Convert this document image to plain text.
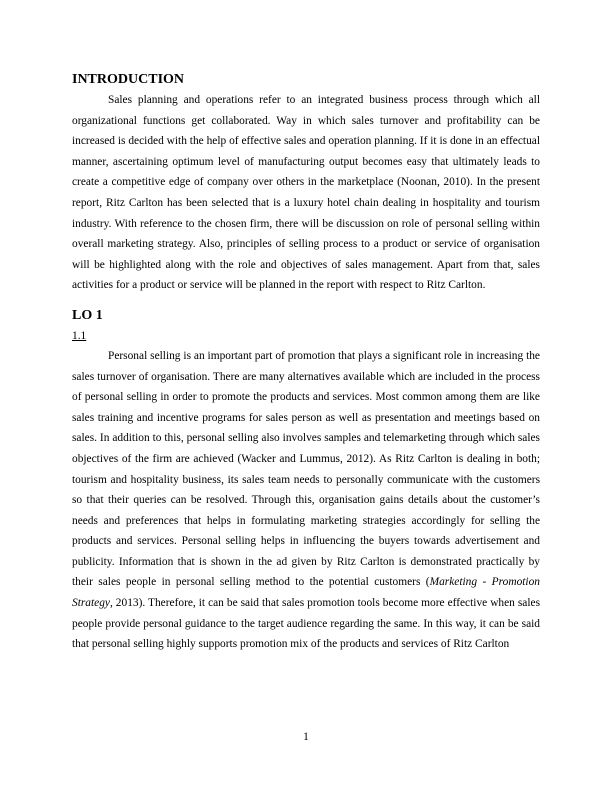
INTRODUCTION

Sales planning and operations refer to an integrated business process through which all organizational functions get collaborated. Way in which sales turnover and profitability can be increased is decided with the help of effective sales and operation planning. If it is done in an effectual manner, ascertaining optimum level of manufacturing output becomes easy that ultimately leads to create a competitive edge of company over others in the marketplace (Noonan, 2010). In the present report, Ritz Carlton has been selected that is a luxury hotel chain dealing in hospitality and tourism industry. With reference to the chosen firm, there will be discussion on role of personal selling within overall marketing strategy. Also, principles of selling process to a product or service of organisation will be highlighted along with the role and objectives of sales management. Apart from that, sales activities for a product or service will be planned in the report with respect to Ritz Carlton.

LO 1
1.1

Personal selling is an important part of promotion that plays a significant role in increasing the sales turnover of organisation. There are many alternatives available which are included in the process of personal selling in order to promote the products and services. Most common among them are like sales training and incentive programs for sales person as well as presentation and meetings based on sales. In addition to this, personal selling also involves samples and telemarketing through which sales objectives of the firm are achieved (Wacker and Lummus, 2012). As Ritz Carlton is dealing in both; tourism and hospitality business, its sales team needs to personally communicate with the customers so that their queries can be resolved. Through this, organisation gains details about the customer’s needs and preferences that helps in formulating marketing strategies accordingly for selling the products and services. Personal selling helps in influencing the buyers towards advertisement and publicity. Information that is shown in the ad given by Ritz Carlton is demonstrated practically by their sales people in personal selling method to the potential customers (Marketing - Promotion Strategy, 2013). Therefore, it can be said that sales promotion tools become more effective when sales people provide personal guidance to the target audience regarding the same. In this way, it can be said that personal selling highly supports promotion mix of the products and services of Ritz Carlton

1
